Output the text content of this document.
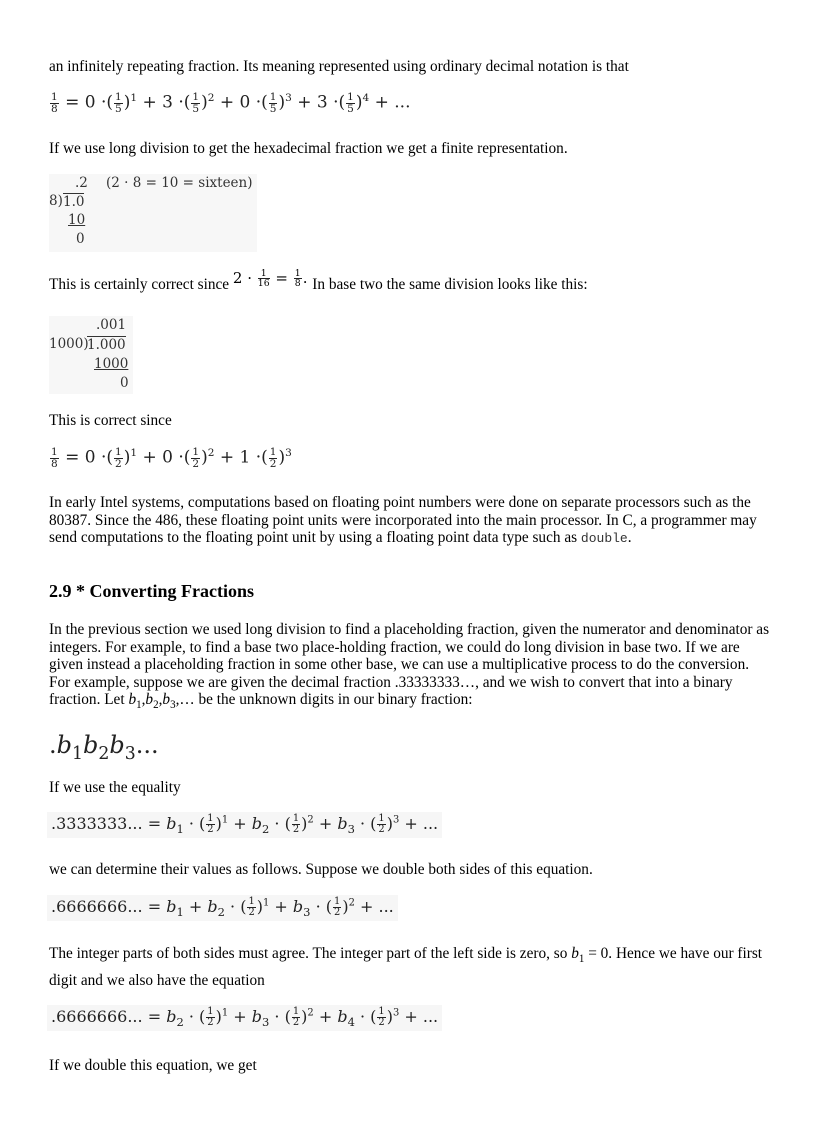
an infinitely repeating fraction. Its meaning represented using ordinary decimal notation is that

$\frac{1}{8} = 0$ ·( $\frac{1}{5} )^1 + 3$ ·( $\frac{1}{5} )^2 + 0$ ·( $\frac{1}{5} )^3 + 3$ ·( $\frac{1}{5} )^4$ + ...

If we use long division to get the hexadecimal fraction we get a finite representation.

.2 (2 · 8 = 10 = sixteen)
8) 1.0
10
0
This is certainly correct since $2 \cdot \frac{1}{16} = \frac{1}{8}$ . In base two the same division looks like this:
.001
1000)
1.000
1000
0

This is correct since

$\frac{1}{8} = 0$ ·( $\frac{1}{2} )^1 + 0$ ·( $\frac{1}{2} )^2 + 1$ ·( $\frac{1}{2} )^3$

In early Intel systems, computations based on floating point numbers were done on separate processors such as the 80387. Since the 486, these floating point units were incorporated into the main processor. In C, a programmer may send computations to the floating point unit by using a floating point data type such as double.

2.9 * Converting Fractions

In the previous section we used long division to find a placeholding fraction, given the numerator and denominator as integers. For example, to find a base two place-holding fraction, we could do long division in base two. If we are given instead a placeholding fraction in some other base, we can use a multiplicative process to do the conversion. For example, suppose we are given the decimal fraction .33333333…, and we wish to convert that into a binary fraction. Let $b_1,b_2,b_3,\dots$ be the unknown digits in our binary fraction:

$.b_1b_2b_3$...

If we use the equality

.3333333... = $b_1$ · ( $\frac{1}{2} )^1 + b_2$ · ( $\frac{1}{2} )^2 + b_3$ · ( $\frac{1}{2} )^3$ + ...

we can determine their values as follows. Suppose we double both sides of this equation.

.6666666... = $b_1 + b_2$ · ( $\frac{1}{2} )^1 + b_3$ · ( $\frac{1}{2} )^2$ + ...

The integer parts of both sides must agree. The integer part of the left side is zero, so $b_1 = 0$. Hence we have our first digit and we also have the equation

.6666666... = $b_2$ · ( $\frac{1}{2} )^1 + b_3$ · ( $\frac{1}{2} )^2 + b_4$ · ( $\frac{1}{2} )^3$ + ...

If we double this equation, we get
